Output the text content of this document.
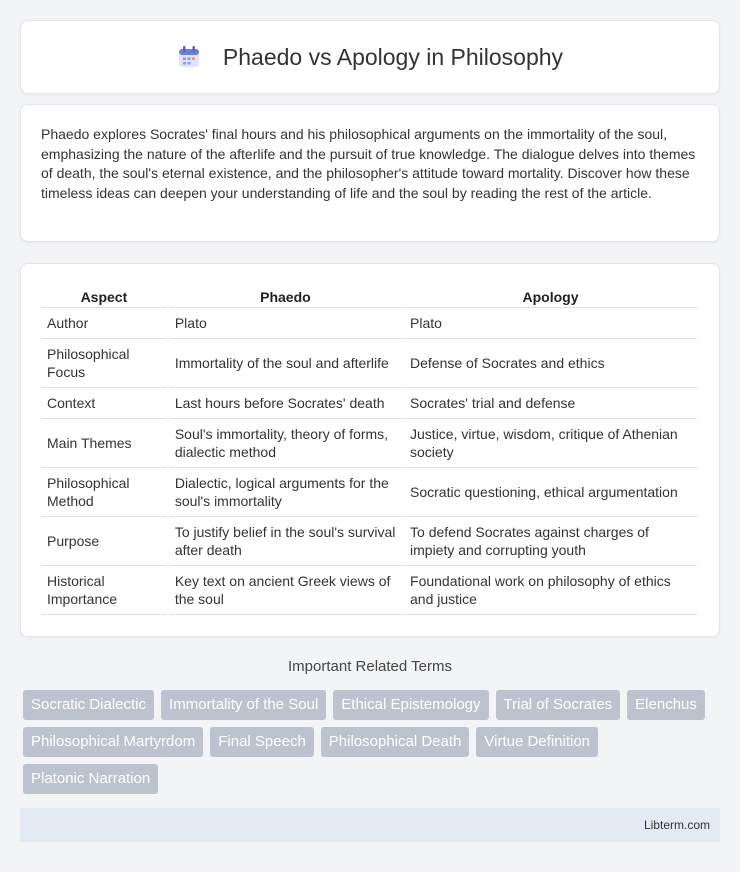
Phaedo vs Apology in Philosophy

Phaedo explores Socrates' final hours and his philosophical arguments on the immortality of the soul, emphasizing the nature of the afterlife and the pursuit of true knowledge. The dialogue delves into themes of death, the soul's eternal existence, and the philosopher's attitude toward mortality. Discover how these timeless ideas can deepen your understanding of life and the soul by reading the rest of the article.

Aspect	Phaedo	Apology
Author	Plato	Plato
Philosophical Focus	Immortality of the soul and afterlife	Defense of Socrates and ethics
Context	Last hours before Socrates' death	Socrates' trial and defense
Main Themes	Soul's immortality, theory of forms, dialectic method	Justice, virtue, wisdom, critique of Athenian society
Philosophical Method	Dialectic, logical arguments for the soul's immortality	Socratic questioning, ethical argumentation
Purpose	To justify belief in the soul's survival after death	To defend Socrates against charges of impiety and corrupting youth
Historical Importance	Key text on ancient Greek views of the soul	Foundational work on philosophy of ethics and justice
Important Related Terms
Socratic Dialectic	Immortality of the Soul	Ethical Epistemology	Trial of Socrates	Elenchus
Philosophical Martyrdom	Final Speech	Philosophical Death	Virtue Definition
Platonic Narration
Libterm.com
